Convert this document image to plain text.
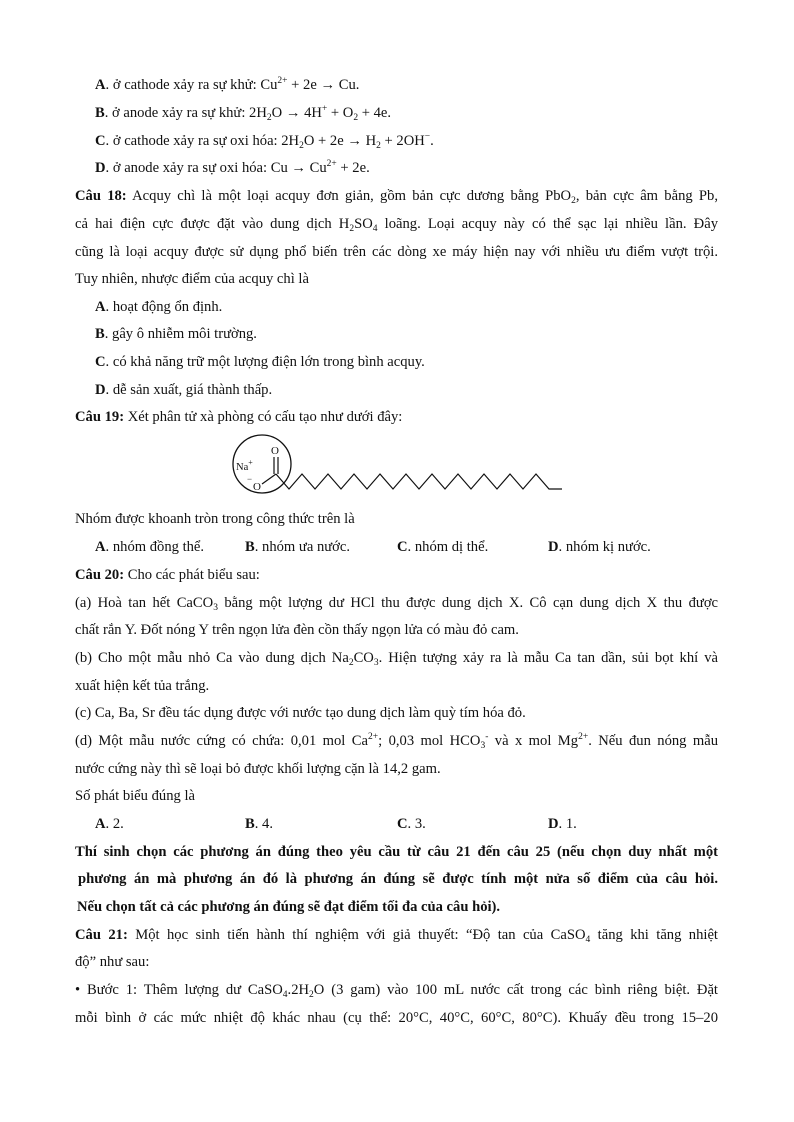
A. ở cathode xảy ra sự khử: $Cu^{2+} + 2e \to Cu$.
B. ở anode xảy ra sự khử: $2H_2O \to 4H^+ + O_2 + 4e$.
C. ở cathode xảy ra sự oxi hóa: $2H_2O + 2e \to H_2 + 2OH^-$.
D. ở anode xảy ra sự oxi hóa: $Cu \to Cu^{2+} + 2e$.
Câu 18: Acquy chì là một loại acquy đơn giản, gồm bản cực dương bằng PbO$_2$, bản cực âm bằng Pb,
cả hai điện cực được đặt vào dung dịch $H_2SO_4$ loãng. Loại acquy này có thể sạc lại nhiều lần. Đây
cũng là loại acquy được sử dụng phổ biến trên các dòng xe máy hiện nay với nhiều ưu điểm vượt trội.
Tuy nhiên, nhược điểm của acquy chì là
A. hoạt động ổn định.
B. gây ô nhiễm môi trường.
C. có khả năng trữ một lượng điện lớn trong bình acquy.
D. dễ sản xuất, giá thành thấp.
Câu 19: Xét phân tử xà phòng có cấu tạo như dưới đây:
Na+
−
O
O
Nhóm được khoanh tròn trong công thức trên là
A. nhóm đồng thể.	B. nhóm ưa nước.	C. nhóm dị thể.	D. nhóm kị nước.
Câu 20: Cho các phát biểu sau:
(a) Hoà tan hết CaCO$_3$ bằng một lượng dư HCl thu được dung dịch X. Cô cạn dung dịch X thu được
chất rắn Y. Đốt nóng Y trên ngọn lửa đèn cồn thấy ngọn lửa có màu đỏ cam.
(b) Cho một mẫu nhỏ Ca vào dung dịch $Na_2CO_3$. Hiện tượng xảy ra là mẫu Ca tan dần, sủi bọt khí và
xuất hiện kết tủa trắng.
(c) Ca, Ba, Sr đều tác dụng được với nước tạo dung dịch làm quỳ tím hóa đỏ.
(d) Một mẫu nước cứng có chứa: 0,01 mol $Ca^{2+}$; 0,03 mol $HCO_3^-$ và x mol $Mg^{2+}$. Nếu đun nóng mẫu
nước cứng này thì sẽ loại bỏ được khối lượng cặn là 14,2 gam.
Số phát biểu đúng là
A. 2.	B. 4.	C. 3.	D. 1.
Thí sinh chọn các phương án đúng theo yêu cầu từ câu 21 đến câu 25 (nếu chọn duy nhất một
phương án mà phương án đó là phương án đúng sẽ được tính một nửa số điểm của câu hỏi.
Nếu chọn tất cả các phương án đúng sẽ đạt điểm tối đa của câu hỏi).
Câu 21: Một học sinh tiến hành thí nghiệm với giả thuyết: “Độ tan của CaSO$_4$ tăng khi tăng nhiệt
độ” như sau:
• Bước 1: Thêm lượng dư $CaSO_4.2H_2O$ (3 gam) vào 100 mL nước cất trong các bình riêng biệt. Đặt
mỗi bình ở các mức nhiệt độ khác nhau (cụ thể: 20°C, 40°C, 60°C, 80°C). Khuấy đều trong 15–20
